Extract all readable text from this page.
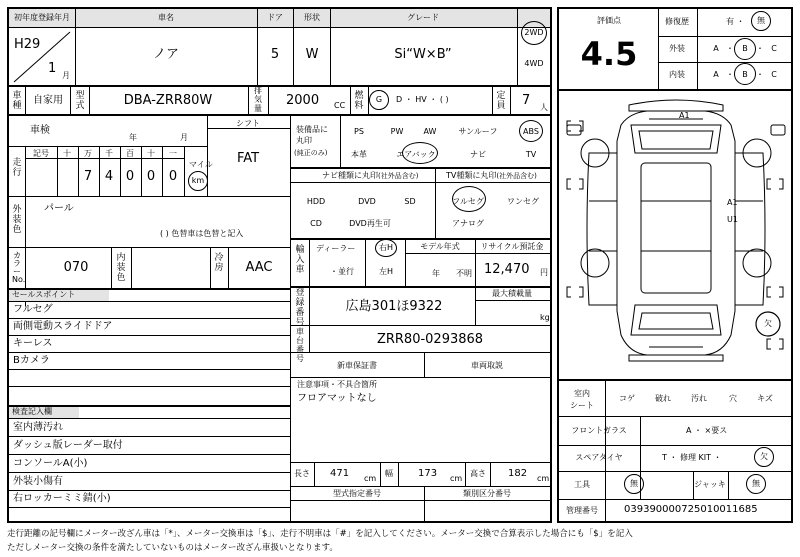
初年度登録年月	車名	ドア	形状	グレード
H29
1 月
ノア	5 W	Si“W×B”
2WD
4WD
車種 自家用 型式	DBA-ZRR80W
排気量
2000 CC
燃料
G D ・ HV ・ ( )	定員 7 人
車検
年	月
シフト
FAT
走行
記号 十 万 千 百 十 一
7 4 0 0 0
マイル
km
外装色
パール
( ) 色替車は色替と記入
カラーNo.
070
内装色
冷房 AAC
セールスポイント
フルセグ
両側電動スライドドア
キーレス
Bカメラ
検査記入欄
室内薄汚れ
ダッシュ版レーダー取付
コンソールA(小)
外装小傷有
右ロッカーミミ錆(小)
装備品に
丸印
(純正のみ)
PS	PW	AW	サンルーフ	ABS
本革	エアバック	ナビ	TV
ナビ種類に丸印(社外品含む)	TV種類に丸印(社外品含む)
HDD	DVD	SD
CD	DVD再生可
フルセグ	ワンセグ
アナログ
輸入車
ディーラー
・並行
右H
左H
モデル年式
年 不明
リサイクル預託金
12,470 円
登録番号
広島301ほ9322
最大積載量
kg
車台番号
ZRR80-0293868
新車保証書	車両取説
注意事項・不具合箇所
フロアマットなし
長さ 471 cm
幅	173 cm
高さ 182 cm
型式指定番号	類別区分番号
評価点
4.5
修復歴	有 ・ 無
外装	A ・ B ・ C
内装	A ・ B ・ C
A1
A1
U1
欠
室内
シート
コゲ	破れ	汚れ	穴	キズ
フロントガラス	A ・ ×要ス
スペアタイヤ	T ・ 修理 KIT ・	欠
工具	無	ジャッキ	無
管理番号	039390000725010011685
走行距離の記号欄にメーター改ざん車は「*」、メーター交換車は「$」、走行不明車は「#」を記入してください。メーター交換で合算表示した場合にも「$」を記入
ただしメーター交換の条件を満たしていないものはメーター改ざん車扱いとなります。
